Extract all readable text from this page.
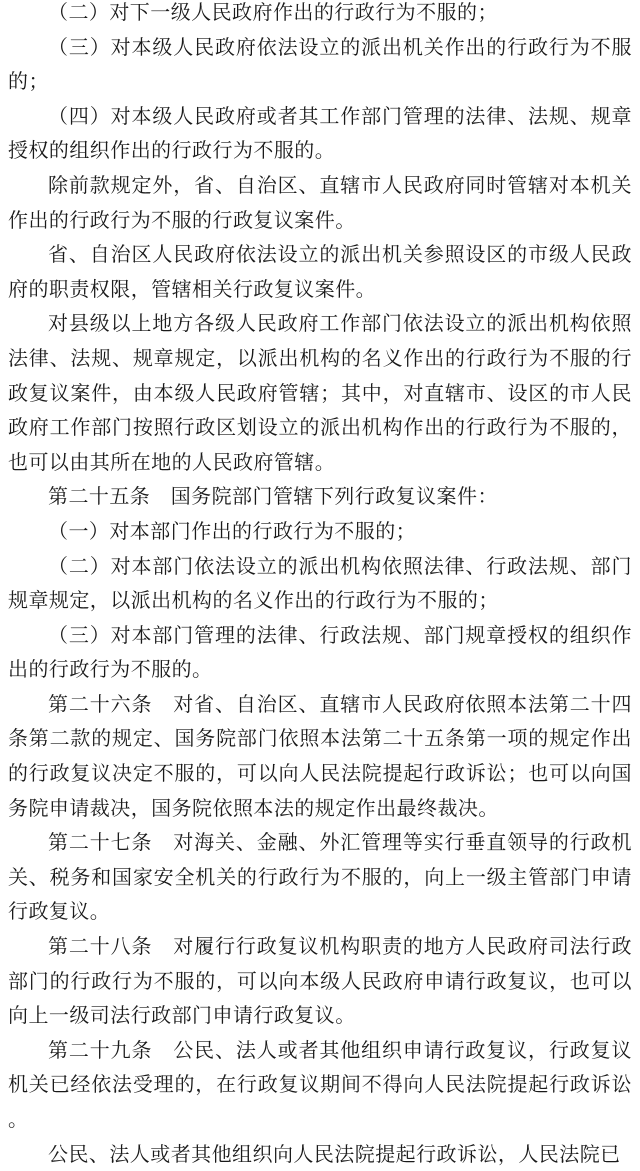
（二）对下一级人民政府作出的行政行为不服的；

（三）对本级人民政府依法设立的派出机关作出的行政行为不服的；

（四）对本级人民政府或者其工作部门管理的法律、法规、规章授权的组织作出的行政行为不服的。

除前款规定外，省、自治区、直辖市人民政府同时管辖对本机关作出的行政行为不服的行政复议案件。

省、自治区人民政府依法设立的派出机关参照设区的市级人民政府的职责权限，管辖相关行政复议案件。

对县级以上地方各级人民政府工作部门依法设立的派出机构依照法律、法规、规章规定，以派出机构的名义作出的行政行为不服的行政复议案件，由本级人民政府管辖；其中，对直辖市、设区的市人民政府工作部门按照行政区划设立的派出机构作出的行政行为不服的，也可以由其所在地的人民政府管辖。

第二十五条　国务院部门管辖下列行政复议案件：

（一）对本部门作出的行政行为不服的；

（二）对本部门依法设立的派出机构依照法律、行政法规、部门规章规定，以派出机构的名义作出的行政行为不服的；

（三）对本部门管理的法律、行政法规、部门规章授权的组织作出的行政行为不服的。

第二十六条　对省、自治区、直辖市人民政府依照本法第二十四条第二款的规定、国务院部门依照本法第二十五条第一项的规定作出的行政复议决定不服的，可以向人民法院提起行政诉讼；也可以向国务院申请裁决，国务院依照本法的规定作出最终裁决。

第二十七条　对海关、金融、外汇管理等实行垂直领导的行政机关、税务和国家安全机关的行政行为不服的，向上一级主管部门申请行政复议。

第二十八条　对履行行政复议机构职责的地方人民政府司法行政部门的行政行为不服的，可以向本级人民政府申请行政复议，也可以向上一级司法行政部门申请行政复议。

第二十九条　公民、法人或者其他组织申请行政复议，行政复议机关已经依法受理的，在行政复议期间不得向人民法院提起行政诉讼。

公民、法人或者其他组织向人民法院提起行政诉讼，人民法院已
